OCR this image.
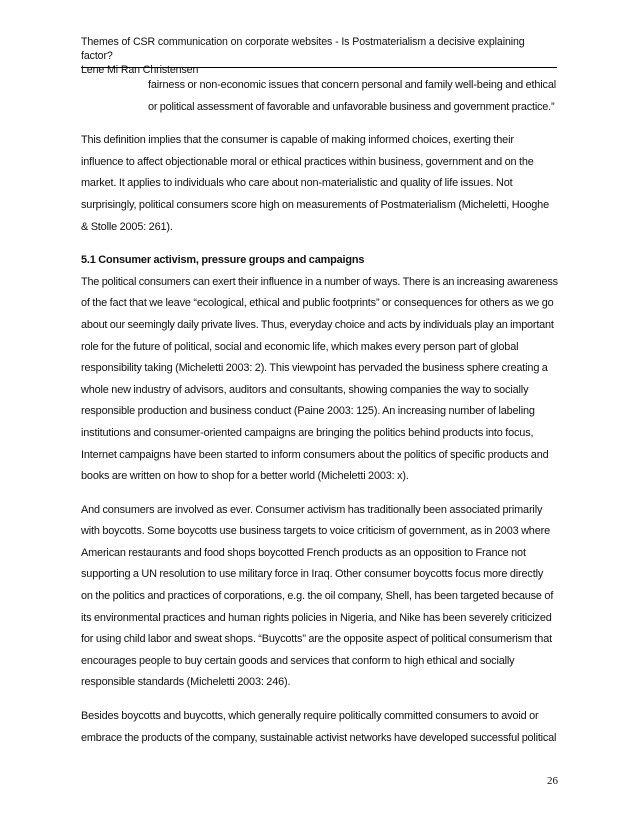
Themes of CSR communication on corporate websites - Is Postmaterialism a decisive explaining factor?
Lene Mi Ran Christensen
fairness or non-economic issues that concern personal and family well-being and ethical
or political assessment of favorable and unfavorable business and government practice.”
This definition implies that the consumer is capable of making informed choices, exerting their
influence to affect objectionable moral or ethical practices within business, government and on the
market. It applies to individuals who care about non-materialistic and quality of life issues. Not
surprisingly, political consumers score high on measurements of Postmaterialism (Micheletti, Hooghe
& Stolle 2005: 261).
5.1 Consumer activism, pressure groups and campaigns
The political consumers can exert their influence in a number of ways. There is an increasing awareness
of the fact that we leave “ecological, ethical and public footprints” or consequences for others as we go
about our seemingly daily private lives. Thus, everyday choice and acts by individuals play an important
role for the future of political, social and economic life, which makes every person part of global
responsibility taking (Micheletti 2003: 2). This viewpoint has pervaded the business sphere creating a
whole new industry of advisors, auditors and consultants, showing companies the way to socially
responsible production and business conduct (Paine 2003: 125). An increasing number of labeling
institutions and consumer-oriented campaigns are bringing the politics behind products into focus,
Internet campaigns have been started to inform consumers about the politics of specific products and
books are written on how to shop for a better world (Micheletti 2003: x).
And consumers are involved as ever. Consumer activism has traditionally been associated primarily
with boycotts. Some boycotts use business targets to voice criticism of government, as in 2003 where
American restaurants and food shops boycotted French products as an opposition to France not
supporting a UN resolution to use military force in Iraq. Other consumer boycotts focus more directly
on the politics and practices of corporations, e.g. the oil company, Shell, has been targeted because of
its environmental practices and human rights policies in Nigeria, and Nike has been severely criticized
for using child labor and sweat shops. “Buycotts” are the opposite aspect of political consumerism that
encourages people to buy certain goods and services that conform to high ethical and socially
responsible standards (Micheletti 2003: 246).
Besides boycotts and buycotts, which generally require politically committed consumers to avoid or
embrace the products of the company, sustainable activist networks have developed successful political
26
